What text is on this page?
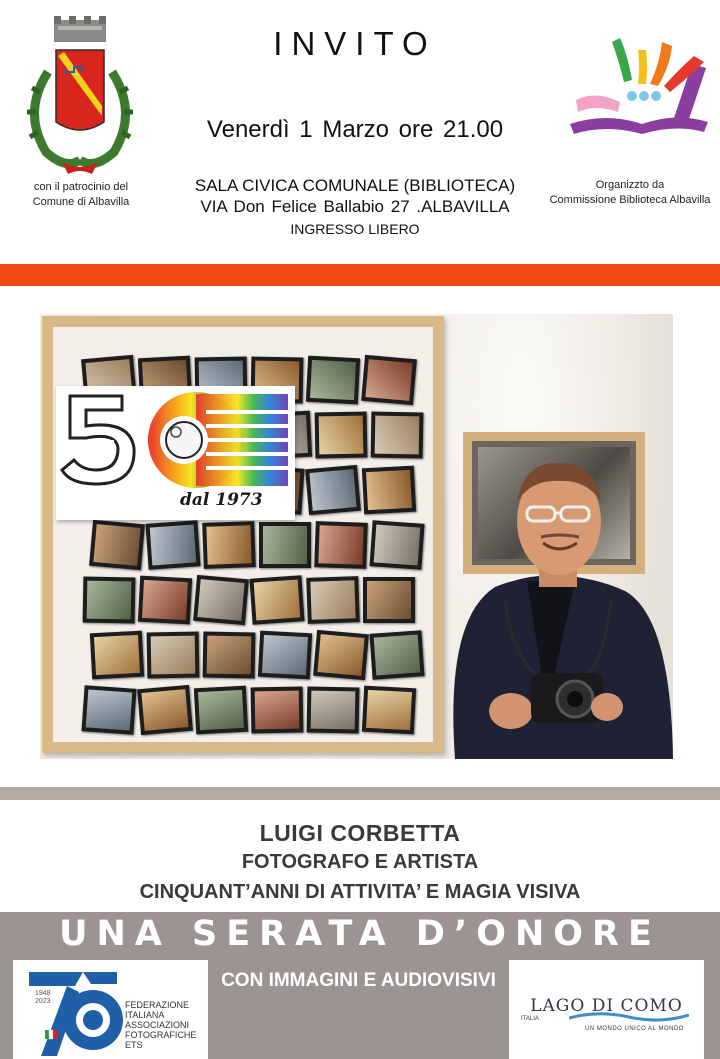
con il patrocinio del
Comune di Albavilla
INVITO
Venerdì 1 Marzo ore 21.00
SALA CIVICA COMUNALE (BIBLIOTECA)
VIA Don Felice Ballabio 27 .ALBAVILLA
INGRESSO LIBERO
Organizzto da
Commissione Biblioteca Albavilla
dal 1973
LUIGI CORBETTA
FOTOGRAFO E ARTISTA
CINQUANT’ANNI DI ATTIVITA’ E MAGIA VISIVA
UNA SERATA D’ONORE
1948 2023
FIAF
FEDERAZIONE
ITALIANA
ASSOCIAZIONI
FOTOGRAFICHE
ETS
CON IMMAGINI E AUDIOVISIVI
LAGO DI COMO
ITALIA
UN MONDO UNICO AL MONDO
